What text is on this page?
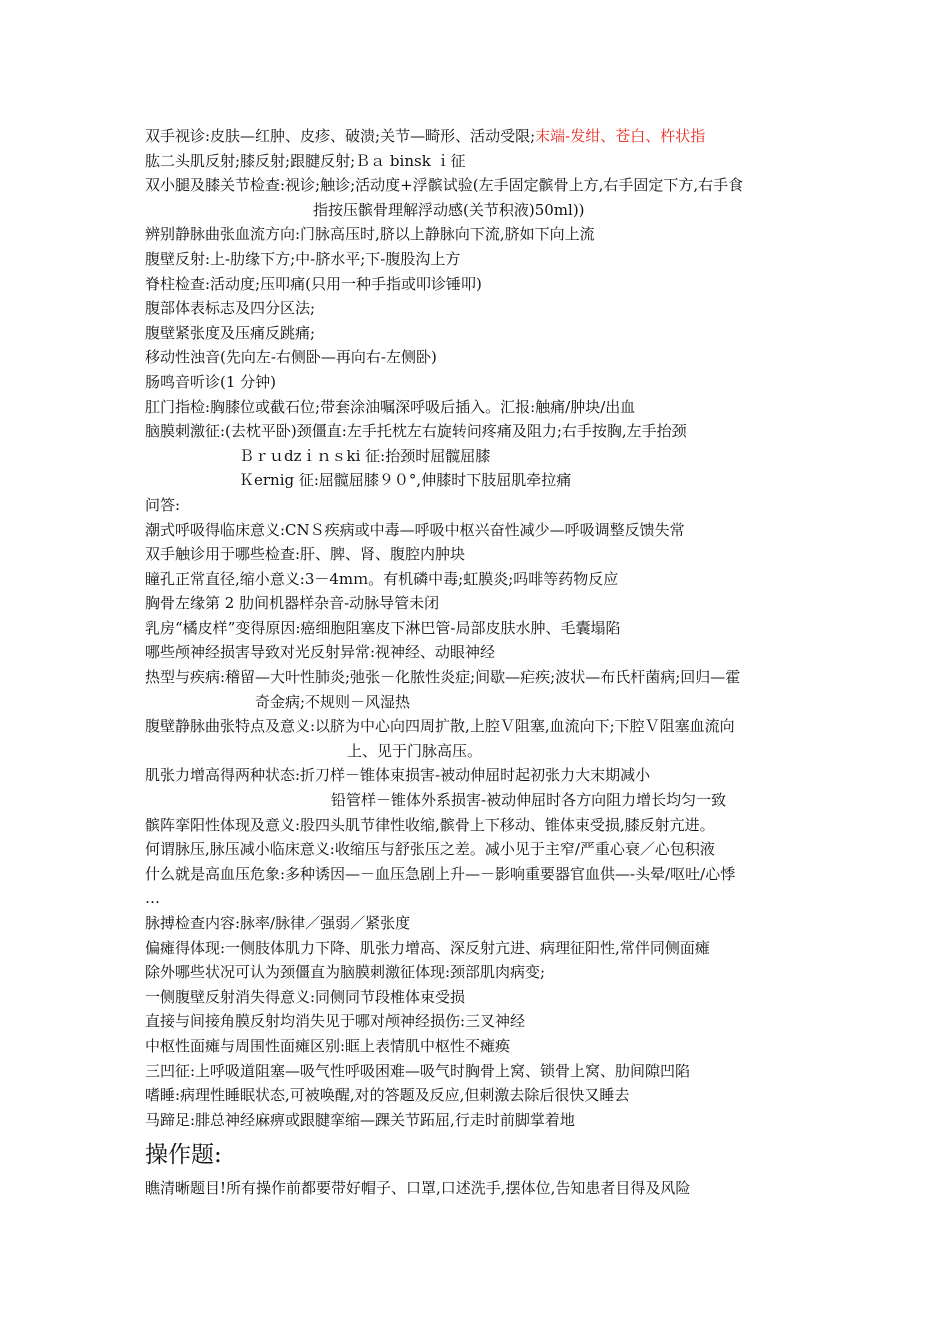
双手视诊:皮肤—红肿、皮疹、破溃;关节—畸形、活动受限;末端-发绀、苍白、杵状指
肱二头肌反射;膝反射;跟腱反射;Ｂａ binsk ｉ征
双小腿及膝关节检查:视诊;触诊;活动度+浮髌试验(左手固定髌骨上方,右手固定下方,右手食
指按压髌骨理解浮动感(关节积液)50ml))
辨别静脉曲张血流方向:门脉高压时,脐以上静脉向下流,脐如下向上流
腹壁反射:上-肋缘下方;中-脐水平;下-腹股沟上方
脊柱检查:活动度;压叩痛(只用一种手指或叩诊锤叩)
腹部体表标志及四分区法;
腹壁紧张度及压痛反跳痛;
移动性浊音(先向左-右侧卧—再向右-左侧卧)
肠鸣音听诊(1 分钟)
肛门指检:胸膝位或截石位;带套涂油嘱深呼吸后插入。汇报:触痛/肿块/出血
脑膜刺激征:(去枕平卧)颈僵直:左手托枕左右旋转问疼痛及阻力;右手按胸,左手抬颈
Ｂｒｕdzｉｎｓki 征:抬颈时屈髋屈膝
Ｋernig 征:屈髋屈膝９０°,伸膝时下肢屈肌牵拉痛
问答:
潮式呼吸得临床意义:CNＳ疾病或中毒—呼吸中枢兴奋性减少—呼吸调整反馈失常
双手触诊用于哪些检查:肝、脾、肾、腹腔内肿块
瞳孔正常直径,缩小意义:3－4mｍ。有机磷中毒;虹膜炎;吗啡等药物反应
胸骨左缘第 2 肋间机器样杂音-动脉导管未闭
乳房“橘皮样”变得原因:癌细胞阻塞皮下淋巴管-局部皮肤水肿、毛囊塌陷
哪些颅神经损害导致对光反射异常:视神经、动眼神经
热型与疾病:稽留—大叶性肺炎;弛张－化脓性炎症;间歇—疟疾;波状—布氏杆菌病;回归—霍
奇金病;不规则－风湿热
腹壁静脉曲张特点及意义:以脐为中心向四周扩散,上腔Ｖ阻塞,血流向下;下腔Ｖ阻塞血流向
上、见于门脉高压。
肌张力增高得两种状态:折刀样－锥体束损害-被动伸屈时起初张力大末期减小
铅管样－锥体外系损害-被动伸屈时各方向阻力增长均匀一致
髌阵挛阳性体现及意义:股四头肌节律性收缩,髌骨上下移动、锥体束受损,膝反射亢进。
何谓脉压,脉压减小临床意义:收缩压与舒张压之差。减小见于主窄/严重心衰／心包积液
什么就是高血压危象:多种诱因—－血压急剧上升—－影响重要器官血供—-头晕/呕吐/心悸
…
脉搏检查内容:脉率/脉律／强弱／紧张度
偏瘫得体现:一侧肢体肌力下降、肌张力增高、深反射亢进、病理征阳性,常伴同侧面瘫
除外哪些状况可认为颈僵直为脑膜刺激征体现:颈部肌肉病变;
一侧腹壁反射消失得意义:同侧同节段椎体束受损
直接与间接角膜反射均消失见于哪对颅神经损伤:三叉神经
中枢性面瘫与周围性面瘫区别:眶上表情肌中枢性不瘫痪
三凹征:上呼吸道阻塞—吸气性呼吸困难—吸气时胸骨上窝、锁骨上窝、肋间隙凹陷
嗜睡:病理性睡眠状态,可被唤醒,对的答题及反应,但刺激去除后很快又睡去
马蹄足:腓总神经麻痹或跟腱挛缩—踝关节跖屈,行走时前脚掌着地
操作题:
瞧清晰题目!所有操作前都要带好帽子、口罩,口述洗手,摆体位,告知患者目得及风险
